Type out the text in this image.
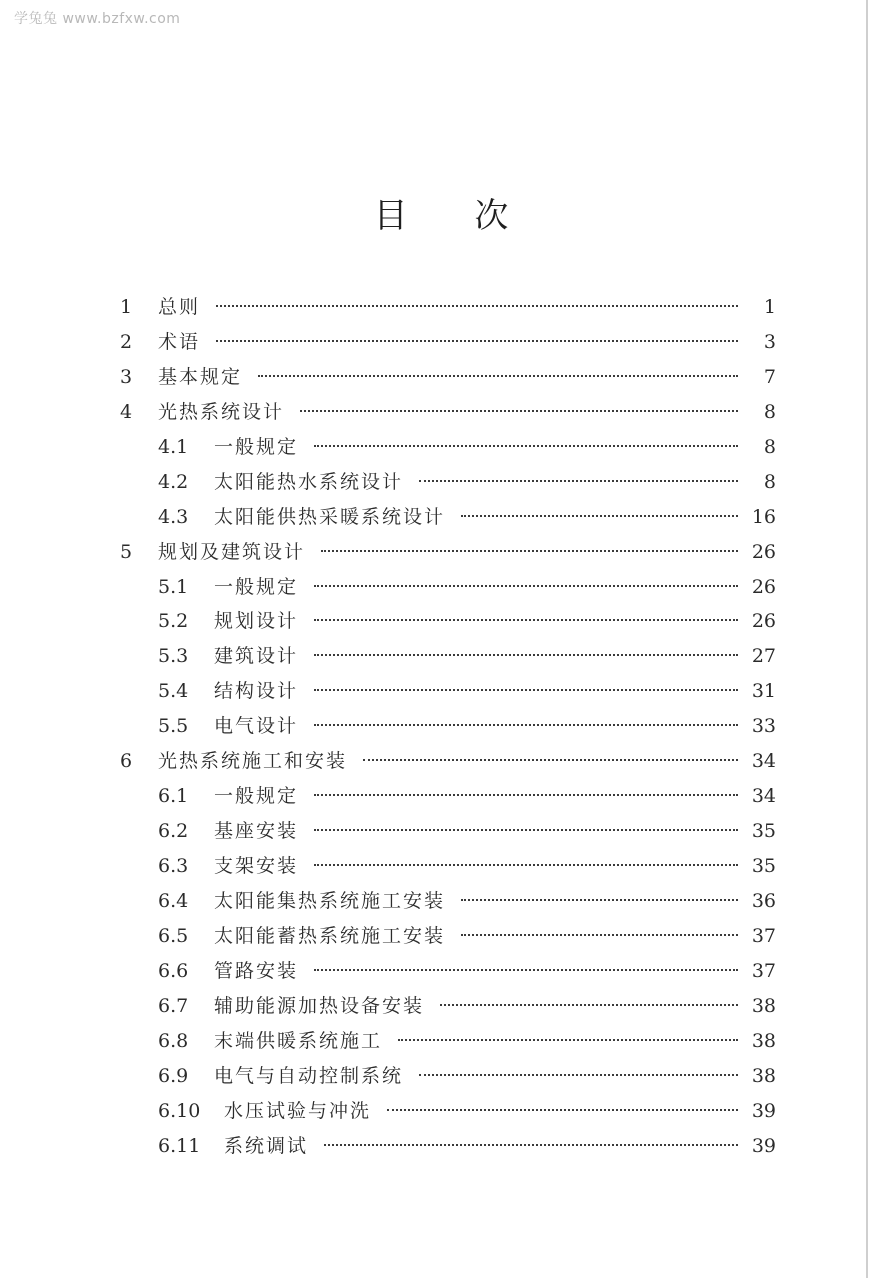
学兔兔 www.bzfxw.com
目 次
1	总则	1
2	术语	3
3	基本规定	7
4	光热系统设计	8
4.1	一般规定	8
4.2	太阳能热水系统设计	8
4.3	太阳能供热采暖系统设计	16
5	规划及建筑设计	26
5.1	一般规定	26
5.2	规划设计	26
5.3	建筑设计	27
5.4	结构设计	31
5.5	电气设计	33
6	光热系统施工和安装	34
6.1	一般规定	34
6.2	基座安装	35
6.3	支架安装	35
6.4	太阳能集热系统施工安装	36
6.5	太阳能蓄热系统施工安装	37
6.6	管路安装	37
6.7	辅助能源加热设备安装	38
6.8	末端供暖系统施工	38
6.9	电气与自动控制系统	38
6.10	水压试验与冲洗	39
6.11	系统调试	39
